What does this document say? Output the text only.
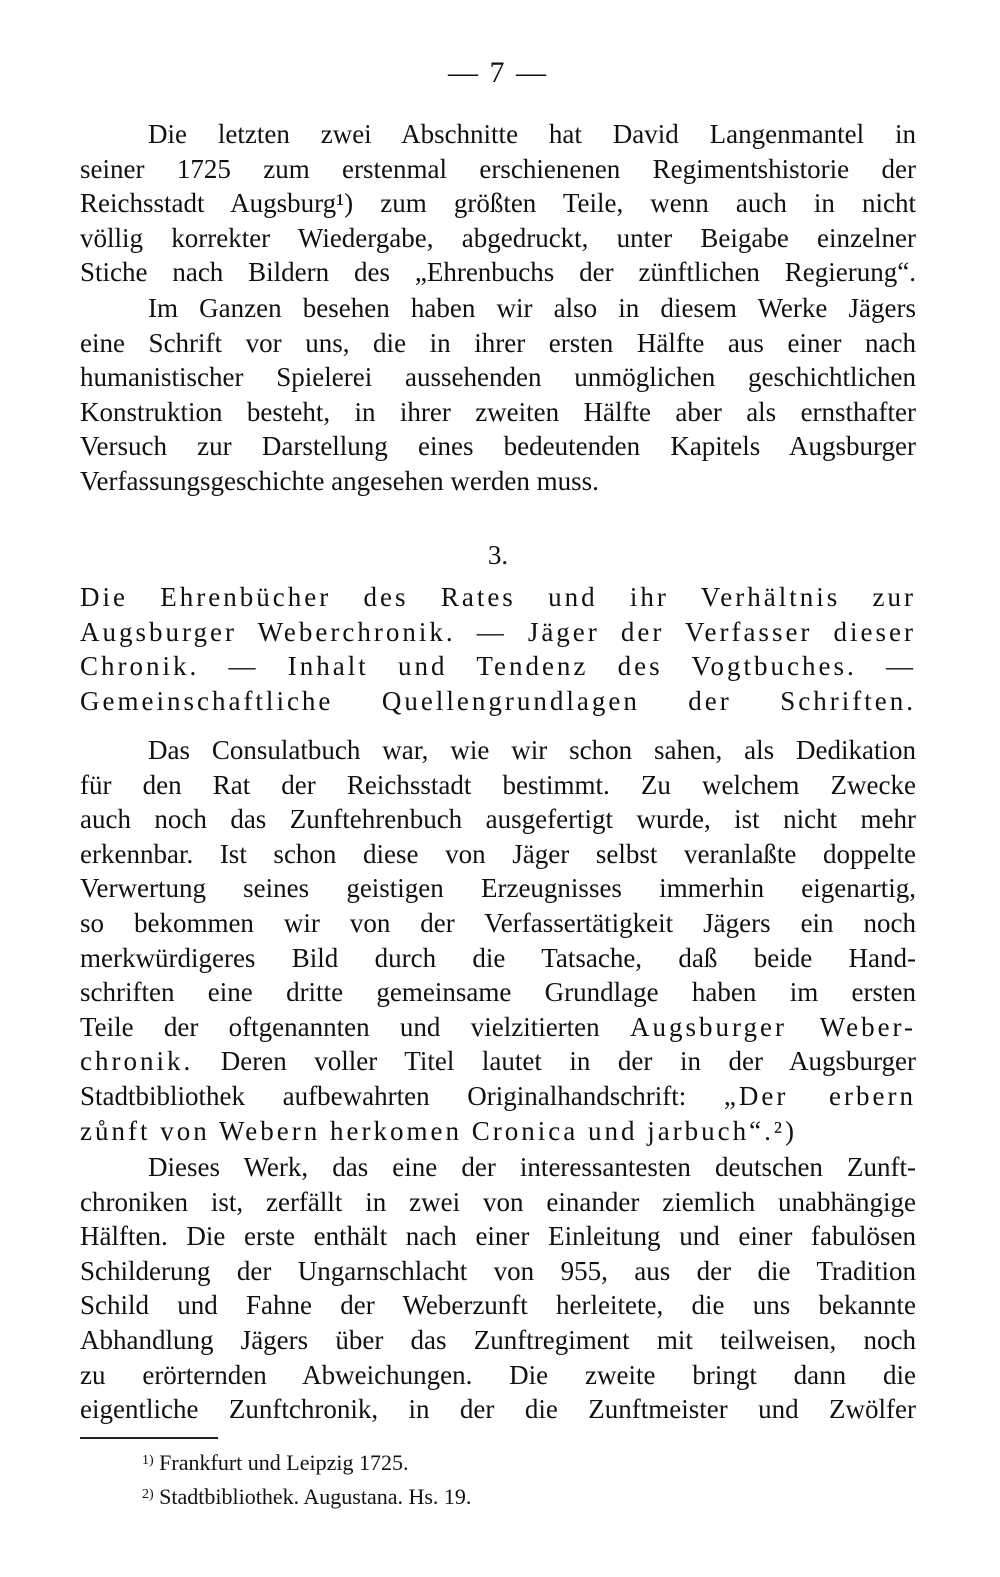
— 7 —

Die letzten zwei Abschnitte hat David Langenmantel in
seiner 1725 zum erstenmal erschienenen Regimentshistorie der
Reichsstadt Augsburg¹) zum größten Teile, wenn auch in nicht
völlig korrekter Wiedergabe, abgedruckt, unter Beigabe einzelner
Stiche nach Bildern des „Ehrenbuchs der zünftlichen Regierung“.

Im Ganzen besehen haben wir also in diesem Werke Jägers
eine Schrift vor uns, die in ihrer ersten Hälfte aus einer nach
humanistischer Spielerei aussehenden unmöglichen geschichtlichen
Konstruktion besteht, in ihrer zweiten Hälfte aber als ernsthafter
Versuch zur Darstellung eines bedeutenden Kapitels Augsburger
Verfassungsgeschichte angesehen werden muss.

3.
Die Ehrenbücher des Rates und ihr Verhältnis zur
Augsburger Weberchronik. — Jäger der Verfasser dieser
Chronik. — Inhalt und Tendenz des Vogtbuches. —
Gemeinschaftliche Quellengrundlagen der Schriften.

Das Consulatbuch war, wie wir schon sahen, als Dedikation
für den Rat der Reichsstadt bestimmt. Zu welchem Zwecke
auch noch das Zunftehrenbuch ausgefertigt wurde, ist nicht mehr
erkennbar. Ist schon diese von Jäger selbst veranlaßte doppelte
Verwertung seines geistigen Erzeugnisses immerhin eigenartig,
so bekommen wir von der Verfassertätigkeit Jägers ein noch
merkwürdigeres Bild durch die Tatsache, daß beide Hand-
schriften eine dritte gemeinsame Grundlage haben im ersten
Teile der oftgenannten und vielzitierten Augsburger Weber-
chronik. Deren voller Titel lautet in der in der Augsburger
Stadtbibliothek aufbewahrten Originalhandschrift: „Der erbern
zůnft von Webern herkomen Cronica und jarbuch“.²)

Dieses Werk, das eine der interessantesten deutschen Zunft-
chroniken ist, zerfällt in zwei von einander ziemlich unabhängige
Hälften. Die erste enthält nach einer Einleitung und einer fabulösen
Schilderung der Ungarnschlacht von 955, aus der die Tradition
Schild und Fahne der Weberzunft herleitete, die uns bekannte
Abhandlung Jägers über das Zunftregiment mit teilweisen, noch
zu erörternden Abweichungen. Die zweite bringt dann die
eigentliche Zunftchronik, in der die Zunftmeister und Zwölfer

$^{1)}$ Frankfurt und Leipzig 1725.
$^{2)}$ Stadtbibliothek. Augustana. Hs. 19.
